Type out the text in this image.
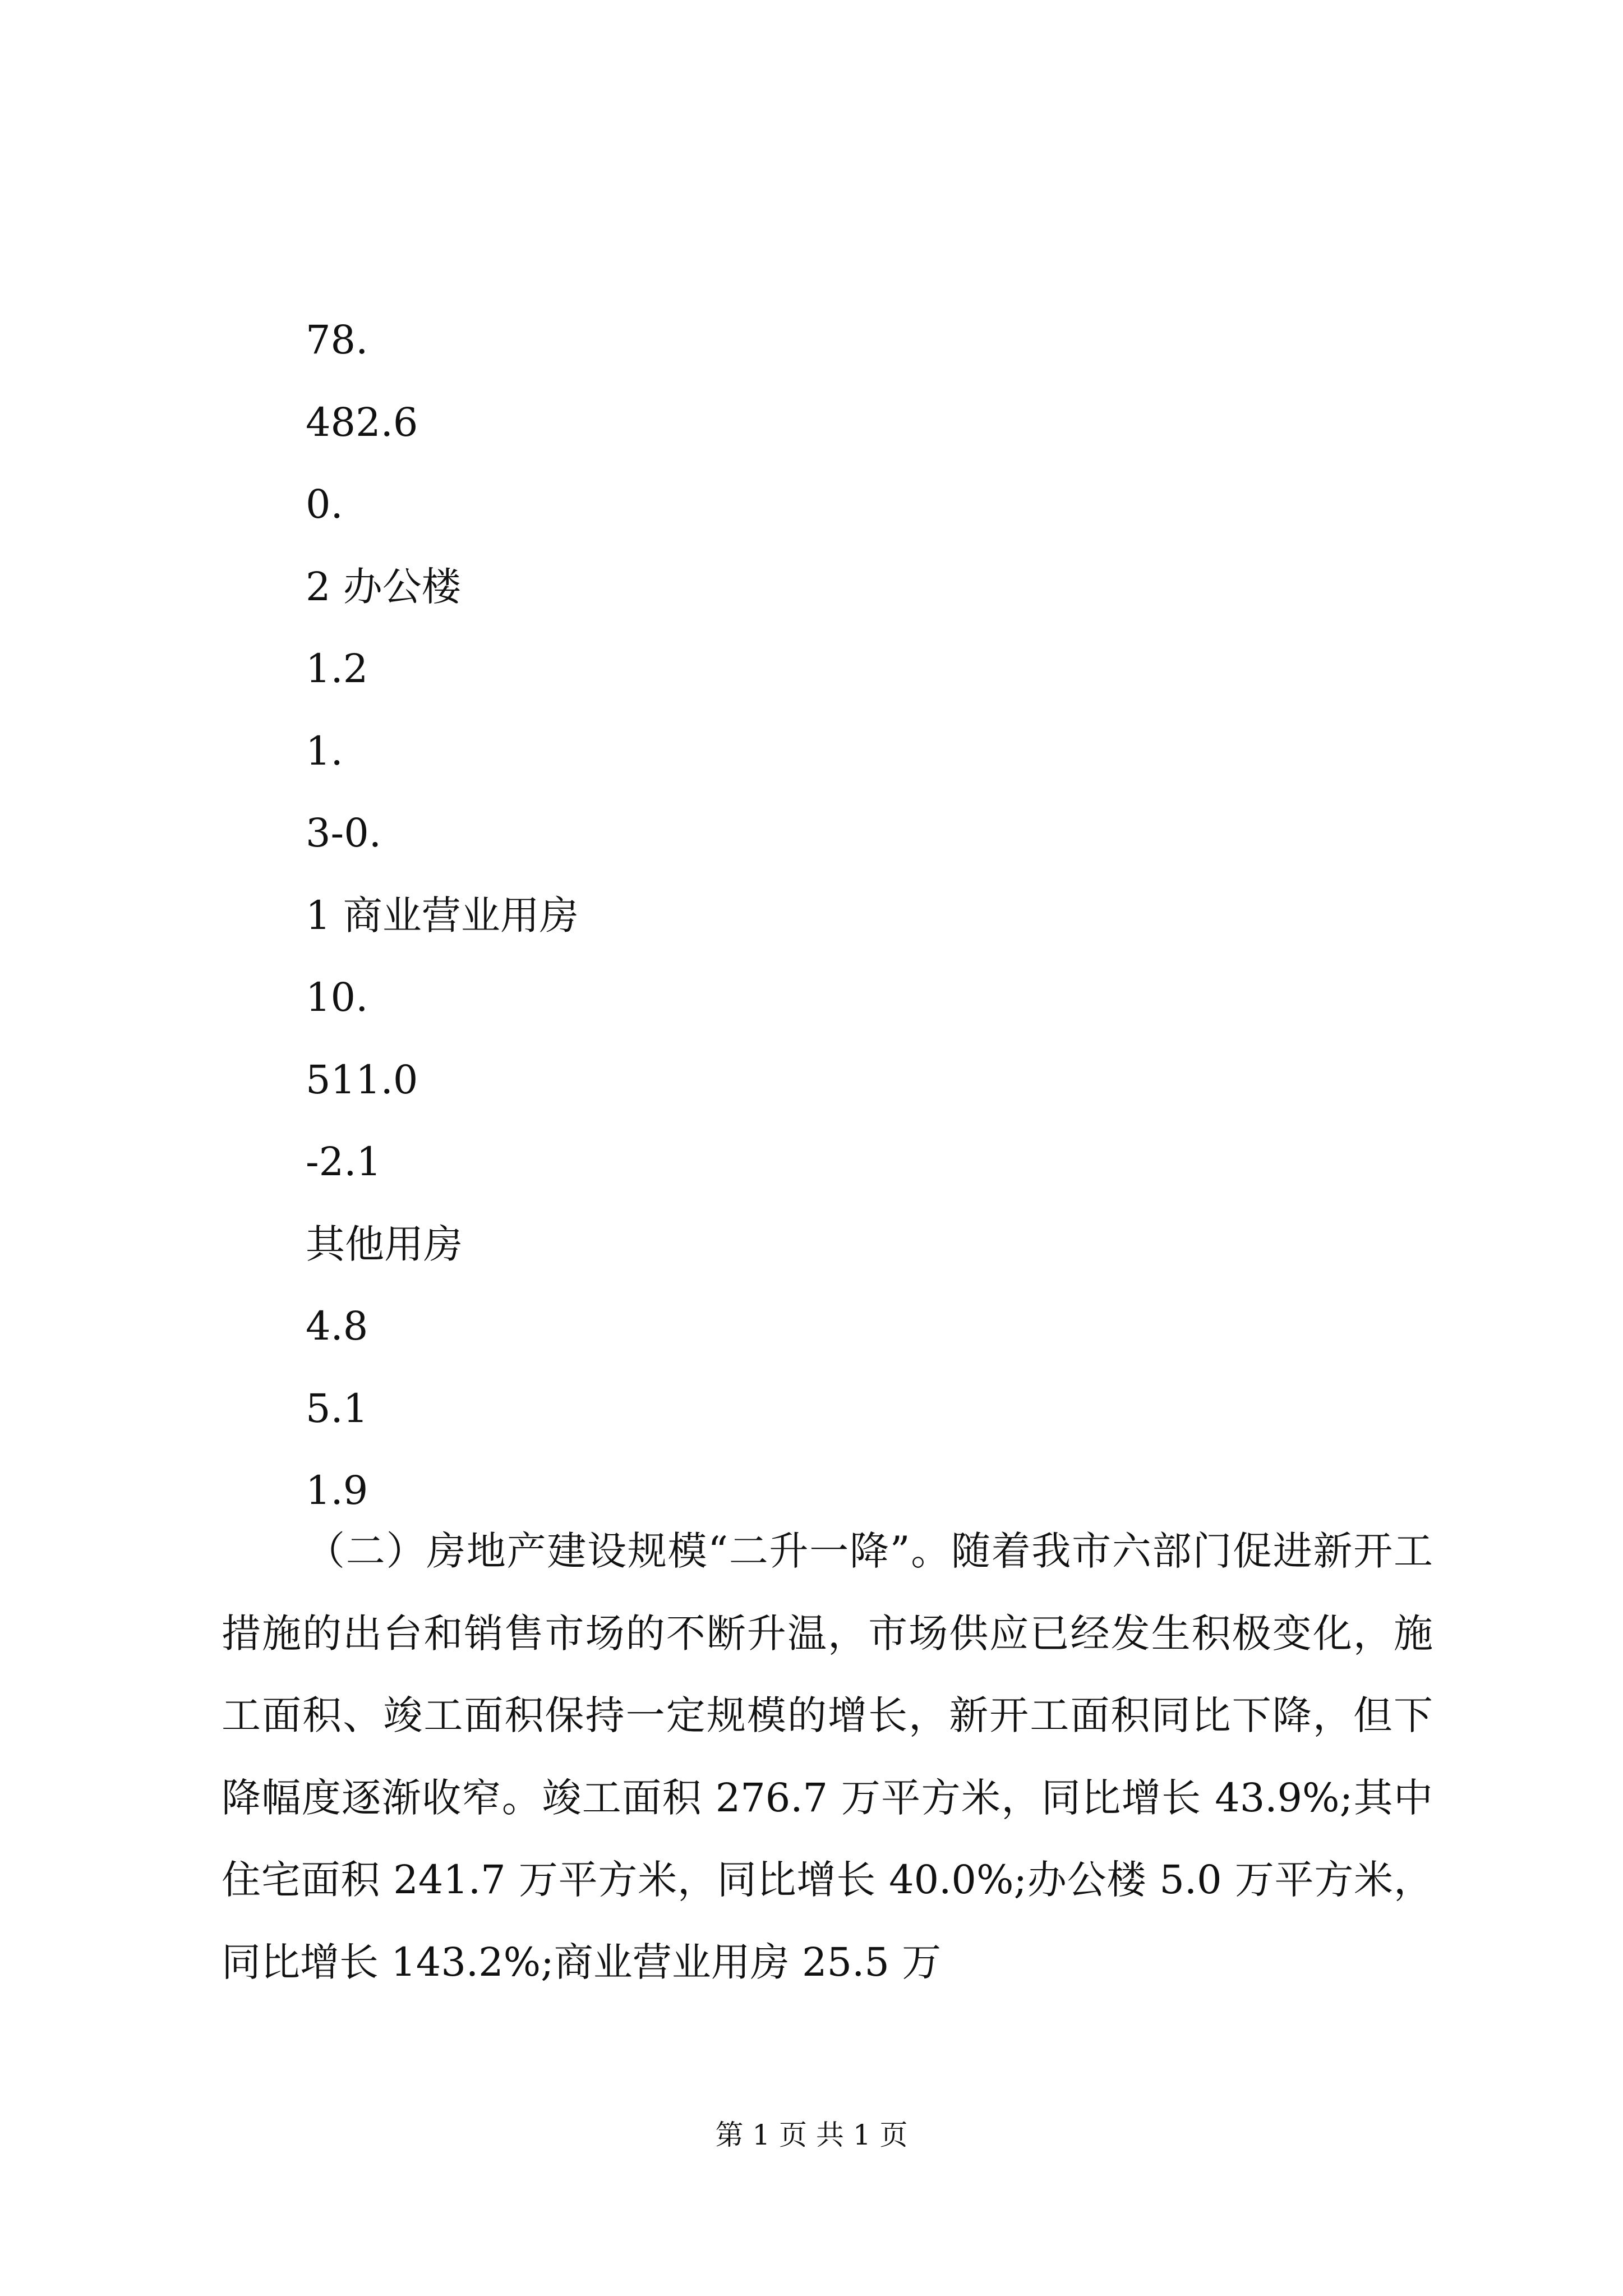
78.
482.6
0.
2 办公楼
1.2
1.
3-0.
1 商业营业用房
10.
511.0
-2.1
其他用房
4.8
5.1
1.9

（二）房地产建设规模“二升一降”。随着我市六部门促进新开工措施的出台和销售市场的不断升温，市场供应已经发生积极变化，施工面积、竣工面积保持一定规模的增长，新开工面积同比下降，但下降幅度逐渐收窄。竣工面积 276.7 万平方米，同比增长 43.9%;其中住宅面积 241.7 万平方米，同比增长 40.0%;办公楼 5.0 万平方米，同比增长 143.2%;商业营业用房 25.5 万

第 1 页 共 1 页
